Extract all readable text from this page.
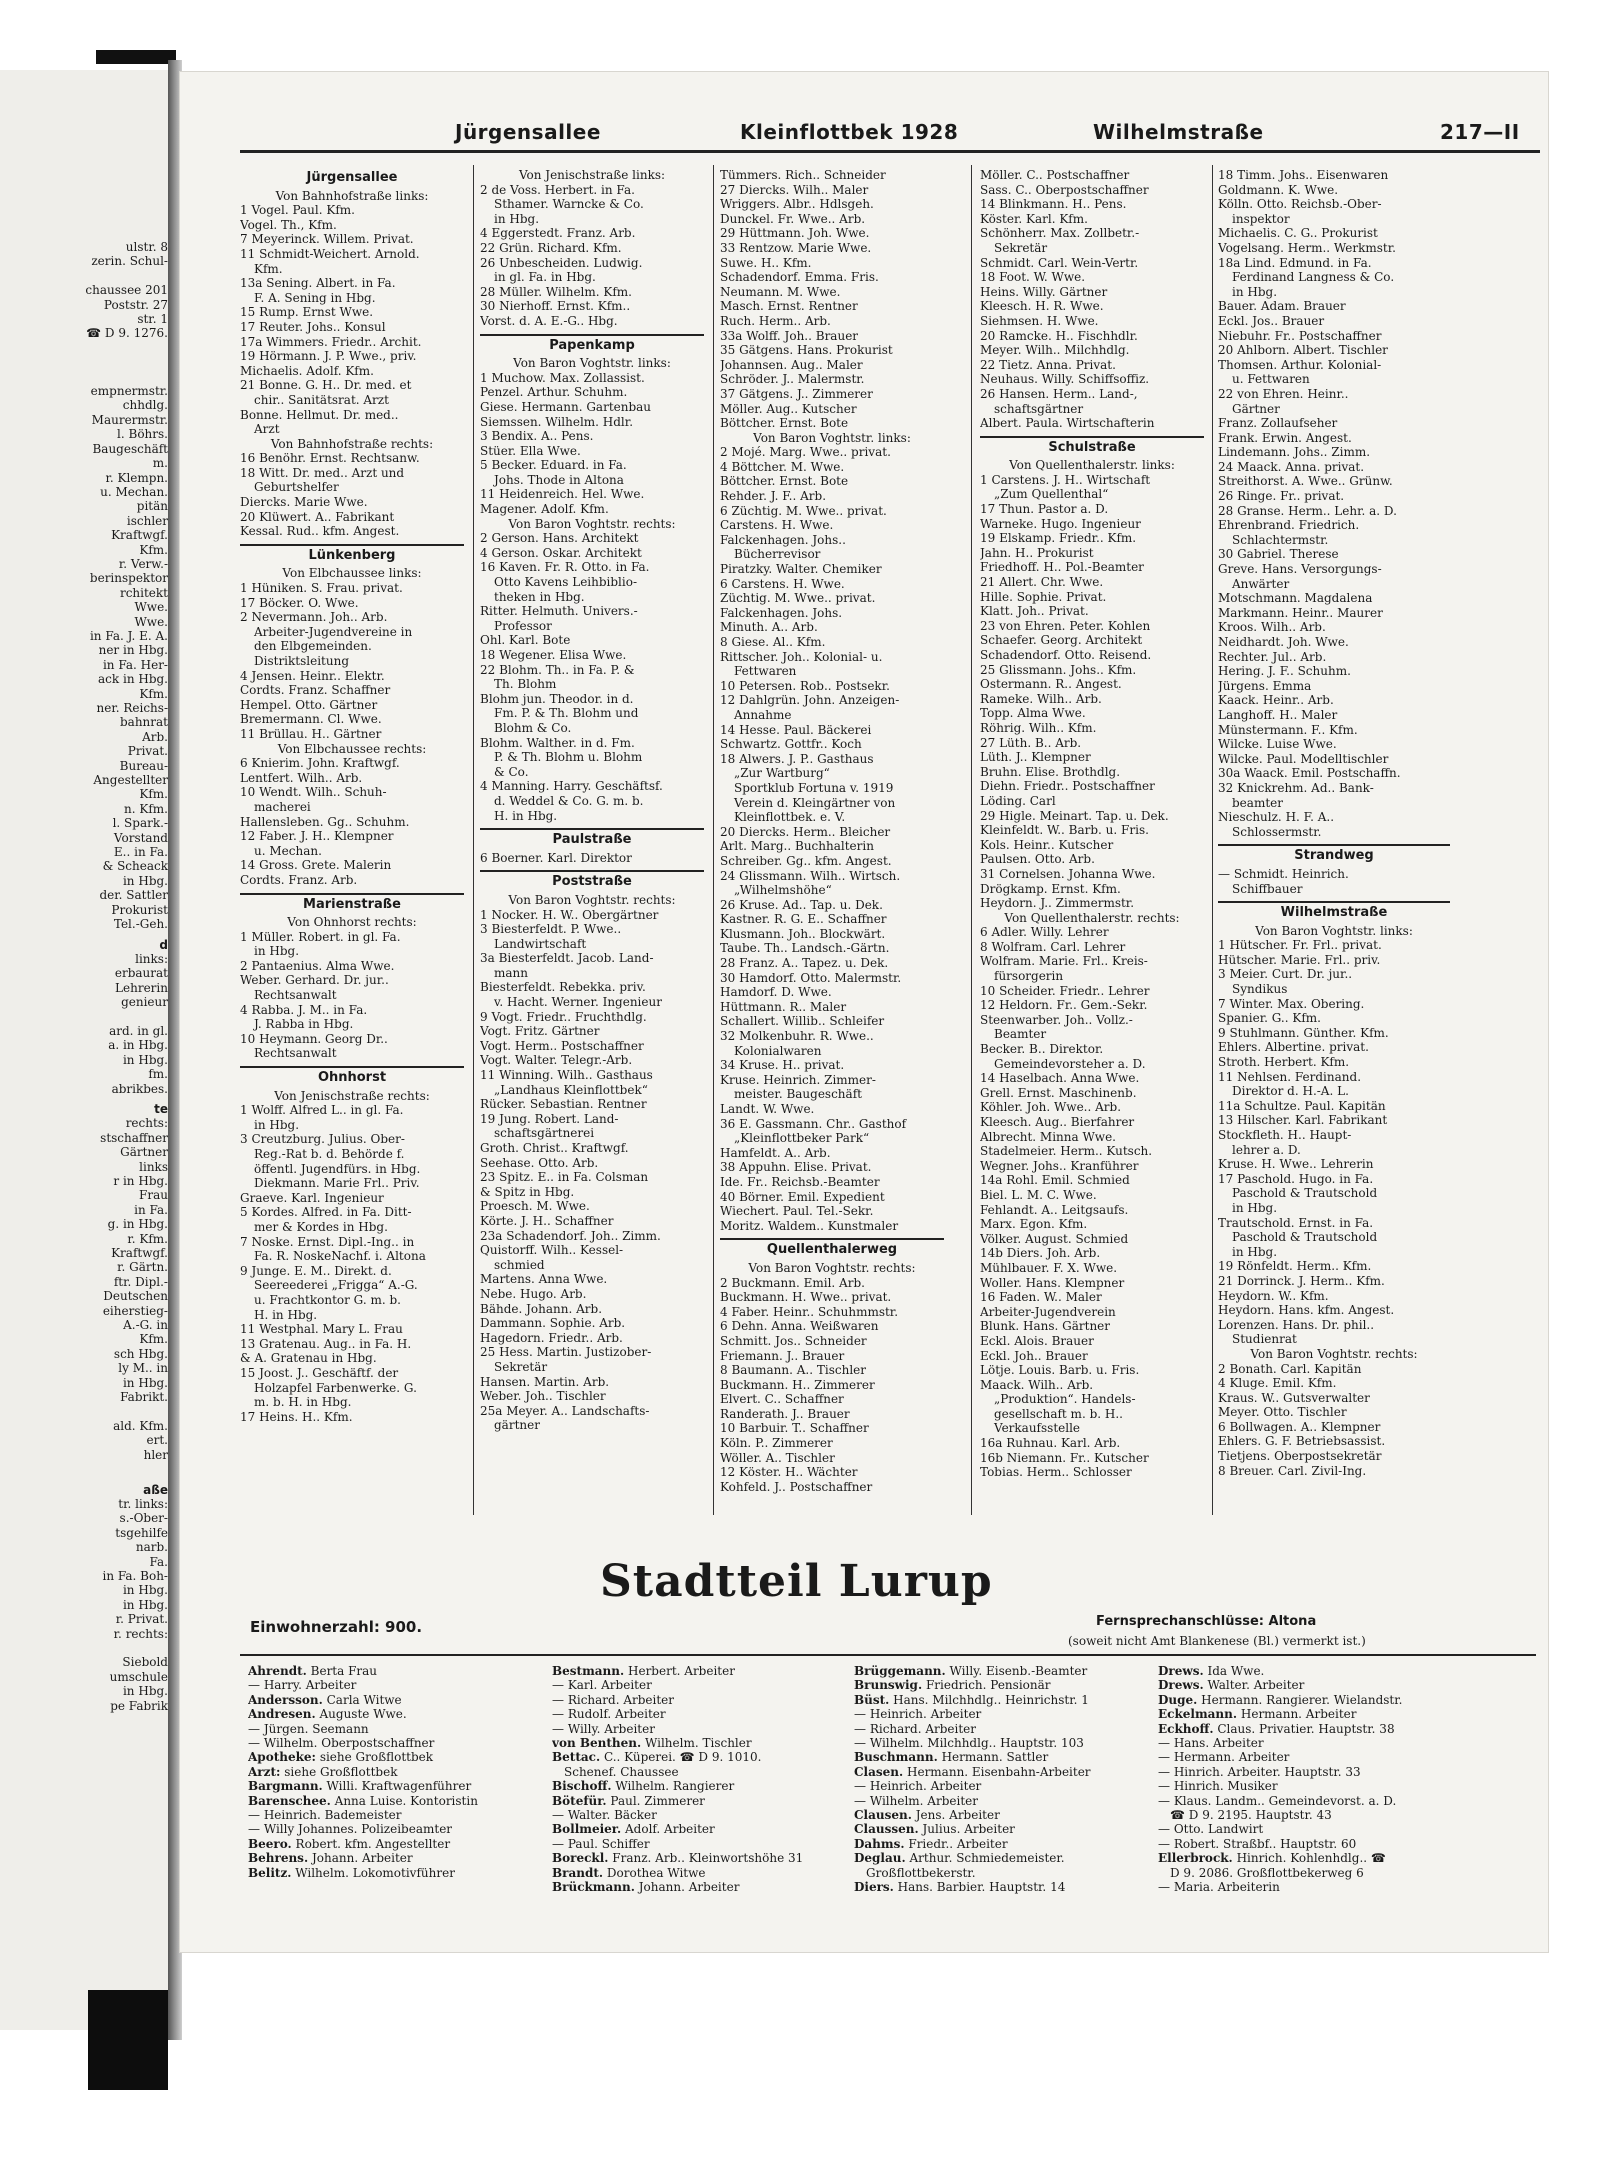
ulstr. 8
zerin. Schul-

chaussee 201
Poststr. 27
str. 1
☎ D 9. 1276.

empnermstr.
chhdlg.
Maurermstr.
l. Böhrs.
Baugeschäft
m.
r. Klempn.
u. Mechan.
pitän
ischler
Kraftwgf.
Kfm.
r. Verw.-
berinspektor
rchitekt
Wwe.
Wwe.
in Fa. J. E. A.
ner in Hbg.
in Fa. Her-
ack in Hbg.
Kfm.
ner. Reichs-
bahnrat
Arb.
Privat.
Bureau-
Angestellter
Kfm.
n. Kfm.
l. Spark.-
Vorstand
E.. in Fa.
& Scheack
in Hbg.
der. Sattler
Prokurist
Tel.-Geh.
d
links:
erbaurat
Lehrerin
genieur

ard. in gl.
a. in Hbg.
in Hbg.
fm.
abrikbes.
te
rechts:
stschaffner
Gärtner
links
r in Hbg.
Frau
in Fa.
g. in Hbg.
r. Kfm.
Kraftwgf.
r. Gärtn.
ftr. Dipl.-
Deutschen
eiherstieg-
A.-G. in
Kfm.
sch Hbg.
ly M.. in
in Hbg.
Fabrikt.

ald. Kfm.
ert.
hler

aße
tr. links:
s.-Ober-
tsgehilfe
narb.
Fa.
in Fa. Boh-
in Hbg.
in Hbg.
r. Privat.
r. rechts:

Siebold
umschule
in Hbg.
pe Fabrik
Jürgensallee	Kleinflottbek 1928	Wilhelmstraße	217—II
Jürgensallee
Von Bahnhofstraße links:
1 Vogel. Paul. Kfm.
Vogel. Th., Kfm.
7 Meyerinck. Willem. Privat.
11 Schmidt-Weichert. Arnold.
Kfm.
13a Sening. Albert. in Fa.
F. A. Sening in Hbg.
15 Rump. Ernst Wwe.
17 Reuter. Johs.. Konsul
17a Wimmers. Friedr.. Archit.
19 Hörmann. J. P. Wwe., priv.
Michaelis. Adolf. Kfm.
21 Bonne. G. H.. Dr. med. et
chir.. Sanitätsrat. Arzt
Bonne. Hellmut. Dr. med..
Arzt
Von Bahnhofstraße rechts:
16 Benöhr. Ernst. Rechtsanw.
18 Witt. Dr. med.. Arzt und
Geburtshelfer
Diercks. Marie Wwe.
20 Klüwert. A.. Fabrikant
Kessal. Rud.. kfm. Angest.
Lünkenberg
Von Elbchaussee links:
1 Hüniken. S. Frau. privat.
17 Böcker. O. Wwe.
2 Nevermann. Joh.. Arb.
Arbeiter-Jugendvereine in
den Elbgemeinden.
Distriktsleitung
4 Jensen. Heinr.. Elektr.
Cordts. Franz. Schaffner
Hempel. Otto. Gärtner
Bremermann. Cl. Wwe.
11 Brüllau. H.. Gärtner
Von Elbchaussee rechts:
6 Knierim. John. Kraftwgf.
Lentfert. Wilh.. Arb.
10 Wendt. Wilh.. Schuh-
macherei
Hallensleben. Gg.. Schuhm.
12 Faber. J. H.. Klempner
u. Mechan.
14 Gross. Grete. Malerin
Cordts. Franz. Arb.
Marienstraße
Von Ohnhorst rechts:
1 Müller. Robert. in gl. Fa.
in Hbg.
2 Pantaenius. Alma Wwe.
Weber. Gerhard. Dr. jur..
Rechtsanwalt
4 Rabba. J. M.. in Fa.
J. Rabba in Hbg.
10 Heymann. Georg Dr..
Rechtsanwalt
Ohnhorst
Von Jenischstraße rechts:
1 Wolff. Alfred L.. in gl. Fa.
in Hbg.
3 Creutzburg. Julius. Ober-
Reg.-Rat b. d. Behörde f.
öffentl. Jugendfürs. in Hbg.
Diekmann. Marie Frl.. Priv.
Graeve. Karl. Ingenieur
5 Kordes. Alfred. in Fa. Ditt-
mer & Kordes in Hbg.
7 Noske. Ernst. Dipl.-Ing.. in
Fa. R. NoskeNachf. i. Altona
9 Junge. E. M.. Direkt. d.
Seereederei „Frigga“ A.-G.
u. Frachtkontor G. m. b.
H. in Hbg.
11 Westphal. Mary L. Frau
13 Gratenau. Aug.. in Fa. H.
& A. Gratenau in Hbg.
15 Joost. J.. Geschäftf. der
Holzapfel Farbenwerke. G.
m. b. H. in Hbg.
17 Heins. H.. Kfm.
Von Jenischstraße links:
2 de Voss. Herbert. in Fa.
Sthamer. Warncke & Co.
in Hbg.
4 Eggerstedt. Franz. Arb.
22 Grün. Richard. Kfm.
26 Unbescheiden. Ludwig.
in gl. Fa. in Hbg.
28 Müller. Wilhelm. Kfm.
30 Nierhoff. Ernst. Kfm..
Vorst. d. A. E.-G.. Hbg.
Papenkamp
Von Baron Voghtstr. links:
1 Muchow. Max. Zollassist.
Penzel. Arthur. Schuhm.
Giese. Hermann. Gartenbau
Siemssen. Wilhelm. Hdlr.
3 Bendix. A.. Pens.
Stüer. Ella Wwe.
5 Becker. Eduard. in Fa.
Johs. Thode in Altona
11 Heidenreich. Hel. Wwe.
Magener. Adolf. Kfm.
Von Baron Voghtstr. rechts:
2 Gerson. Hans. Architekt
4 Gerson. Oskar. Architekt
16 Kaven. Fr. R. Otto. in Fa.
Otto Kavens Leihbiblio-
theken in Hbg.
Ritter. Helmuth. Univers.-
Professor
Ohl. Karl. Bote
18 Wegener. Elisa Wwe.
22 Blohm. Th.. in Fa. P. &
Th. Blohm
Blohm jun. Theodor. in d.
Fm. P. & Th. Blohm und
Blohm & Co.
Blohm. Walther. in d. Fm.
P. & Th. Blohm u. Blohm
& Co.
4 Manning. Harry. Geschäftsf.
d. Weddel & Co. G. m. b.
H. in Hbg.
Paulstraße
6 Boerner. Karl. Direktor
Poststraße
Von Baron Voghtstr. rechts:
1 Nocker. H. W.. Obergärtner
3 Biesterfeldt. P. Wwe..
Landwirtschaft
3a Biesterfeldt. Jacob. Land-
mann
Biesterfeldt. Rebekka. priv.
v. Hacht. Werner. Ingenieur
9 Vogt. Friedr.. Fruchthdlg.
Vogt. Fritz. Gärtner
Vogt. Herm.. Postschaffner
Vogt. Walter. Telegr.-Arb.
11 Winning. Wilh.. Gasthaus
„Landhaus Kleinflottbek“
Rücker. Sebastian. Rentner
19 Jung. Robert. Land-
schaftsgärtnerei
Groth. Christ.. Kraftwgf.
Seehase. Otto. Arb.
23 Spitz. E.. in Fa. Colsman
& Spitz in Hbg.
Proesch. M. Wwe.
Körte. J. H.. Schaffner
23a Schadendorf. Joh.. Zimm.
Quistorff. Wilh.. Kessel-
schmied
Martens. Anna Wwe.
Nebe. Hugo. Arb.
Bähde. Johann. Arb.
Dammann. Sophie. Arb.
Hagedorn. Friedr.. Arb.
25 Hess. Martin. Justizober-
Sekretär
Hansen. Martin. Arb.
Weber. Joh.. Tischler
25a Meyer. A.. Landschafts-
gärtner
Tümmers. Rich.. Schneider
27 Diercks. Wilh.. Maler
Wriggers. Albr.. Hdlsgeh.
Dunckel. Fr. Wwe.. Arb.
29 Hüttmann. Joh. Wwe.
33 Rentzow. Marie Wwe.
Suwe. H.. Kfm.
Schadendorf. Emma. Fris.
Neumann. M. Wwe.
Masch. Ernst. Rentner
Ruch. Herm.. Arb.
33a Wolff. Joh.. Brauer
35 Gätgens. Hans. Prokurist
Johannsen. Aug.. Maler
Schröder. J.. Malermstr.
37 Gätgens. J.. Zimmerer
Möller. Aug.. Kutscher
Böttcher. Ernst. Bote
Von Baron Voghtstr. links:
2 Mojé. Marg. Wwe.. privat.
4 Böttcher. M. Wwe.
Böttcher. Ernst. Bote
Rehder. J. F.. Arb.
6 Züchtig. M. Wwe.. privat.
Carstens. H. Wwe.
Falckenhagen. Johs..
Bücherrevisor
Piratzky. Walter. Chemiker
6 Carstens. H. Wwe.
Züchtig. M. Wwe.. privat.
Falckenhagen. Johs.
Minuth. A.. Arb.
8 Giese. Al.. Kfm.
Rittscher. Joh.. Kolonial- u.
Fettwaren
10 Petersen. Rob.. Postsekr.
12 Dahlgrün. John. Anzeigen-
Annahme
14 Hesse. Paul. Bäckerei
Schwartz. Gottfr.. Koch
18 Alwers. J. P.. Gasthaus
„Zur Wartburg“
Sportklub Fortuna v. 1919
Verein d. Kleingärtner von
Kleinflottbek. e. V.
20 Diercks. Herm.. Bleicher
Arlt. Marg.. Buchhalterin
Schreiber. Gg.. kfm. Angest.
24 Glissmann. Wilh.. Wirtsch.
„Wilhelmshöhe“
26 Kruse. Ad.. Tap. u. Dek.
Kastner. R. G. E.. Schaffner
Klusmann. Joh.. Blockwärt.
Taube. Th.. Landsch.-Gärtn.
28 Franz. A.. Tapez. u. Dek.
30 Hamdorf. Otto. Malermstr.
Hamdorf. D. Wwe.
Hüttmann. R.. Maler
Schallert. Willib.. Schleifer
32 Molkenbuhr. R. Wwe..
Kolonialwaren
34 Kruse. H.. privat.
Kruse. Heinrich. Zimmer-
meister. Baugeschäft
Landt. W. Wwe.
36 E. Gassmann. Chr.. Gasthof
„Kleinflottbeker Park“
Hamfeldt. A.. Arb.
38 Appuhn. Elise. Privat.
Ide. Fr.. Reichsb.-Beamter
40 Börner. Emil. Expedient
Wiechert. Paul. Tel.-Sekr.
Moritz. Waldem.. Kunstmaler
Quellenthalerweg
Von Baron Voghtstr. rechts:
2 Buckmann. Emil. Arb.
Buckmann. H. Wwe.. privat.
4 Faber. Heinr.. Schuhmmstr.
6 Dehn. Anna. Weißwaren
Schmitt. Jos.. Schneider
Friemann. J.. Brauer
8 Baumann. A.. Tischler
Buckmann. H.. Zimmerer
Elvert. C.. Schaffner
Randerath. J.. Brauer
10 Barbuir. T.. Schaffner
Köln. P.. Zimmerer
Wöller. A.. Tischler
12 Köster. H.. Wächter
Kohfeld. J.. Postschaffner
Möller. C.. Postschaffner
Sass. C.. Oberpostschaffner
14 Blinkmann. H.. Pens.
Köster. Karl. Kfm.
Schönherr. Max. Zollbetr.-
Sekretär
Schmidt. Carl. Wein-Vertr.
18 Foot. W. Wwe.
Heins. Willy. Gärtner
Kleesch. H. R. Wwe.
Siehmsen. H. Wwe.
20 Ramcke. H.. Fischhdlr.
Meyer. Wilh.. Milchhdlg.
22 Tietz. Anna. Privat.
Neuhaus. Willy. Schiffsoffiz.
26 Hansen. Herm.. Land-,
schaftsgärtner
Albert. Paula. Wirtschafterin
Schulstraße
Von Quellenthalerstr. links:
1 Carstens. J. H.. Wirtschaft
„Zum Quellenthal“
17 Thun. Pastor a. D.
Warneke. Hugo. Ingenieur
19 Elskamp. Friedr.. Kfm.
Jahn. H.. Prokurist
Friedhoff. H.. Pol.-Beamter
21 Allert. Chr. Wwe.
Hille. Sophie. Privat.
Klatt. Joh.. Privat.
23 von Ehren. Peter. Kohlen
Schaefer. Georg. Architekt
Schadendorf. Otto. Reisend.
25 Glissmann. Johs.. Kfm.
Ostermann. R.. Angest.
Rameke. Wilh.. Arb.
Topp. Alma Wwe.
Röhrig. Wilh.. Kfm.
27 Lüth. B.. Arb.
Lüth. J.. Klempner
Bruhn. Elise. Brothdlg.
Diehn. Friedr.. Postschaffner
Löding. Carl
29 Higle. Meinart. Tap. u. Dek.
Kleinfeldt. W.. Barb. u. Fris.
Kols. Heinr.. Kutscher
Paulsen. Otto. Arb.
31 Cornelsen. Johanna Wwe.
Drögkamp. Ernst. Kfm.
Heydorn. J.. Zimmermstr.
Von Quellenthalerstr. rechts:
6 Adler. Willy. Lehrer
8 Wolfram. Carl. Lehrer
Wolfram. Marie. Frl.. Kreis-
fürsorgerin
10 Scheider. Friedr.. Lehrer
12 Heldorn. Fr.. Gem.-Sekr.
Steenwarber. Joh.. Vollz.-
Beamter
Becker. B.. Direktor.
Gemeindevorsteher a. D.
14 Haselbach. Anna Wwe.
Grell. Ernst. Maschinenb.
Köhler. Joh. Wwe.. Arb.
Kleesch. Aug.. Bierfahrer
Albrecht. Minna Wwe.
Stadelmeier. Herm.. Kutsch.
Wegner. Johs.. Kranführer
14a Rohl. Emil. Schmied
Biel. L. M. C. Wwe.
Fehlandt. A.. Leitgsaufs.
Marx. Egon. Kfm.
Völker. August. Schmied
14b Diers. Joh. Arb.
Mühlbauer. F. X. Wwe.
Woller. Hans. Klempner
16 Faden. W.. Maler
Arbeiter-Jugendverein
Blunk. Hans. Gärtner
Eckl. Alois. Brauer
Eckl. Joh.. Brauer
Lötje. Louis. Barb. u. Fris.
Maack. Wilh.. Arb.
„Produktion“. Handels-
gesellschaft m. b. H..
Verkaufsstelle
16a Ruhnau. Karl. Arb.
16b Niemann. Fr.. Kutscher
Tobias. Herm.. Schlosser
18 Timm. Johs.. Eisenwaren
Goldmann. K. Wwe.
Kölln. Otto. Reichsb.-Ober-
inspektor
Michaelis. C. G.. Prokurist
Vogelsang. Herm.. Werkmstr.
18a Lind. Edmund. in Fa.
Ferdinand Langness & Co.
in Hbg.
Bauer. Adam. Brauer
Eckl. Jos.. Brauer
Niebuhr. Fr.. Postschaffner
20 Ahlborn. Albert. Tischler
Thomsen. Arthur. Kolonial-
u. Fettwaren
22 von Ehren. Heinr..
Gärtner
Franz. Zollaufseher
Frank. Erwin. Angest.
Lindemann. Johs.. Zimm.
24 Maack. Anna. privat.
Streithorst. A. Wwe.. Grünw.
26 Ringe. Fr.. privat.
28 Granse. Herm.. Lehr. a. D.
Ehrenbrand. Friedrich.
Schlachtermstr.
30 Gabriel. Therese
Greve. Hans. Versorgungs-
Anwärter
Motschmann. Magdalena
Markmann. Heinr.. Maurer
Kroos. Wilh.. Arb.
Neidhardt. Joh. Wwe.
Rechter. Jul.. Arb.
Hering. J. F.. Schuhm.
Jürgens. Emma
Kaack. Heinr.. Arb.
Langhoff. H.. Maler
Münstermann. F.. Kfm.
Wilcke. Luise Wwe.
Wilcke. Paul. Modelltischler
30a Waack. Emil. Postschaffn.
32 Knickrehm. Ad.. Bank-
beamter
Nieschulz. H. F. A..
Schlossermstr.
Strandweg
— Schmidt. Heinrich.
Schiffbauer
Wilhelmstraße
Von Baron Voghtstr. links:
1 Hütscher. Fr. Frl.. privat.
Hütscher. Marie. Frl.. priv.
3 Meier. Curt. Dr. jur..
Syndikus
7 Winter. Max. Obering.
Spanier. G.. Kfm.
9 Stuhlmann. Günther. Kfm.
Ehlers. Albertine. privat.
Stroth. Herbert. Kfm.
11 Nehlsen. Ferdinand.
Direktor d. H.-A. L.
11a Schultze. Paul. Kapitän
13 Hilscher. Karl. Fabrikant
Stockfleth. H.. Haupt-
lehrer a. D.
Kruse. H. Wwe.. Lehrerin
17 Paschold. Hugo. in Fa.
Paschold & Trautschold
in Hbg.
Trautschold. Ernst. in Fa.
Paschold & Trautschold
in Hbg.
19 Rönfeldt. Herm.. Kfm.
21 Dorrinck. J. Herm.. Kfm.
Heydorn. W.. Kfm.
Heydorn. Hans. kfm. Angest.
Lorenzen. Hans. Dr. phil..
Studienrat
Von Baron Voghtstr. rechts:
2 Bonath. Carl. Kapitän
4 Kluge. Emil. Kfm.
Kraus. W.. Gutsverwalter
Meyer. Otto. Tischler
6 Bollwagen. A.. Klempner
Ehlers. G. F. Betriebsassist.
Tietjens. Oberpostsekretär
8 Breuer. Carl. Zivil-Ing.
Stadtteil Lurup
Einwohnerzahl: 900.	Fernsprechanschlüsse: Altona
(soweit nicht Amt Blankenese (Bl.) vermerkt ist.)
Ahrendt. Berta Frau
— Harry. Arbeiter
Andersson. Carla Witwe
Andresen. Auguste Wwe.
— Jürgen. Seemann
— Wilhelm. Oberpostschaffner
Apotheke: siehe Großflottbek
Arzt: siehe Großflottbek
Bargmann. Willi. Kraftwagenführer
Barenschee. Anna Luise. Kontoristin
— Heinrich. Bademeister
— Willy Johannes. Polizeibeamter
Beero. Robert. kfm. Angestellter
Behrens. Johann. Arbeiter
Belitz. Wilhelm. Lokomotivführer
Bestmann. Herbert. Arbeiter
— Karl. Arbeiter
— Richard. Arbeiter
— Rudolf. Arbeiter
— Willy. Arbeiter
von Benthen. Wilhelm. Tischler
Bettac. C.. Küperei. ☎ D 9. 1010.
Schenef. Chaussee
Bischoff. Wilhelm. Rangierer
Bötefür. Paul. Zimmerer
— Walter. Bäcker
Bollmeier. Adolf. Arbeiter
— Paul. Schiffer
Boreckl. Franz. Arb.. Kleinwortshöhe 31
Brandt. Dorothea Witwe
Brückmann. Johann. Arbeiter
Brüggemann. Willy. Eisenb.-Beamter
Brunswig. Friedrich. Pensionär
Büst. Hans. Milchhdlg.. Heinrichstr. 1
— Heinrich. Arbeiter
— Richard. Arbeiter
— Wilhelm. Milchhdlg.. Hauptstr. 103
Buschmann. Hermann. Sattler
Clasen. Hermann. Eisenbahn-Arbeiter
— Heinrich. Arbeiter
— Wilhelm. Arbeiter
Clausen. Jens. Arbeiter
Claussen. Julius. Arbeiter
Dahms. Friedr.. Arbeiter
Deglau. Arthur. Schmiedemeister.
Großflottbekerstr.
Diers. Hans. Barbier. Hauptstr. 14
Drews. Ida Wwe.
Drews. Walter. Arbeiter
Duge. Hermann. Rangierer. Wielandstr.
Eckelmann. Hermann. Arbeiter
Eckhoff. Claus. Privatier. Hauptstr. 38
— Hans. Arbeiter
— Hermann. Arbeiter
— Hinrich. Arbeiter. Hauptstr. 33
— Hinrich. Musiker
— Klaus. Landm.. Gemeindevorst. a. D.
☎ D 9. 2195. Hauptstr. 43
— Otto. Landwirt
— Robert. Straßbf.. Hauptstr. 60
Ellerbrock. Hinrich. Kohlenhdlg.. ☎
D 9. 2086. Großflottbekerweg 6
— Maria. Arbeiterin
